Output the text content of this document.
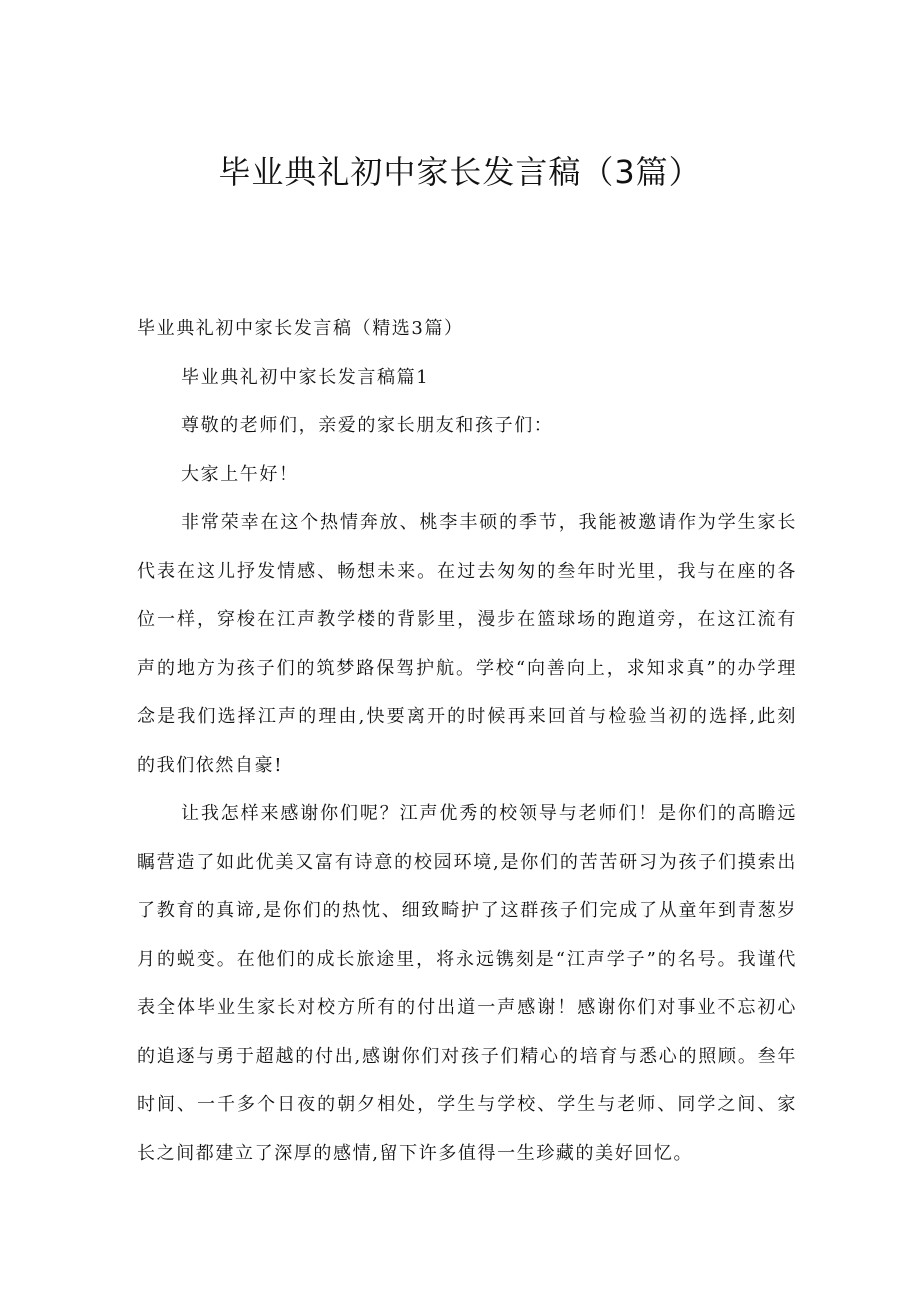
毕业典礼初中家长发言稿（3篇）

毕业典礼初中家长发言稿（精选3篇）

毕业典礼初中家长发言稿篇1

尊敬的老师们，亲爱的家长朋友和孩子们：

大家上午好！

非常荣幸在这个热情奔放、桃李丰硕的季节，我能被邀请作为学生家长代表在这儿抒发情感、畅想未来。在过去匆匆的叁年时光里，我与在座的各位一样，穿梭在江声教学楼的背影里，漫步在篮球场的跑道旁，在这江流有声的地方为孩子们的筑梦路保驾护航。学校“向善向上，求知求真”的办学理念是我们选择江声的理由,快要离开的时候再来回首与检验当初的选择,此刻的我们依然自豪!

让我怎样来感谢你们呢？江声优秀的校领导与老师们！是你们的高瞻远瞩营造了如此优美又富有诗意的校园环境,是你们的苦苦研习为孩子们摸索出了教育的真谛,是你们的热忱、细致畸护了这群孩子们完成了从童年到青葱岁月的蜕变。在他们的成长旅途里，将永远镌刻是“江声学子”的名号。我谨代表全体毕业生家长对校方所有的付出道一声感谢！感谢你们对事业不忘初心的追逐与勇于超越的付出,感谢你们对孩子们精心的培育与悉心的照顾。叁年时间、一千多个日夜的朝夕相处，学生与学校、学生与老师、同学之间、家长之间都建立了深厚的感情,留下许多值得一生珍藏的美好回忆。
